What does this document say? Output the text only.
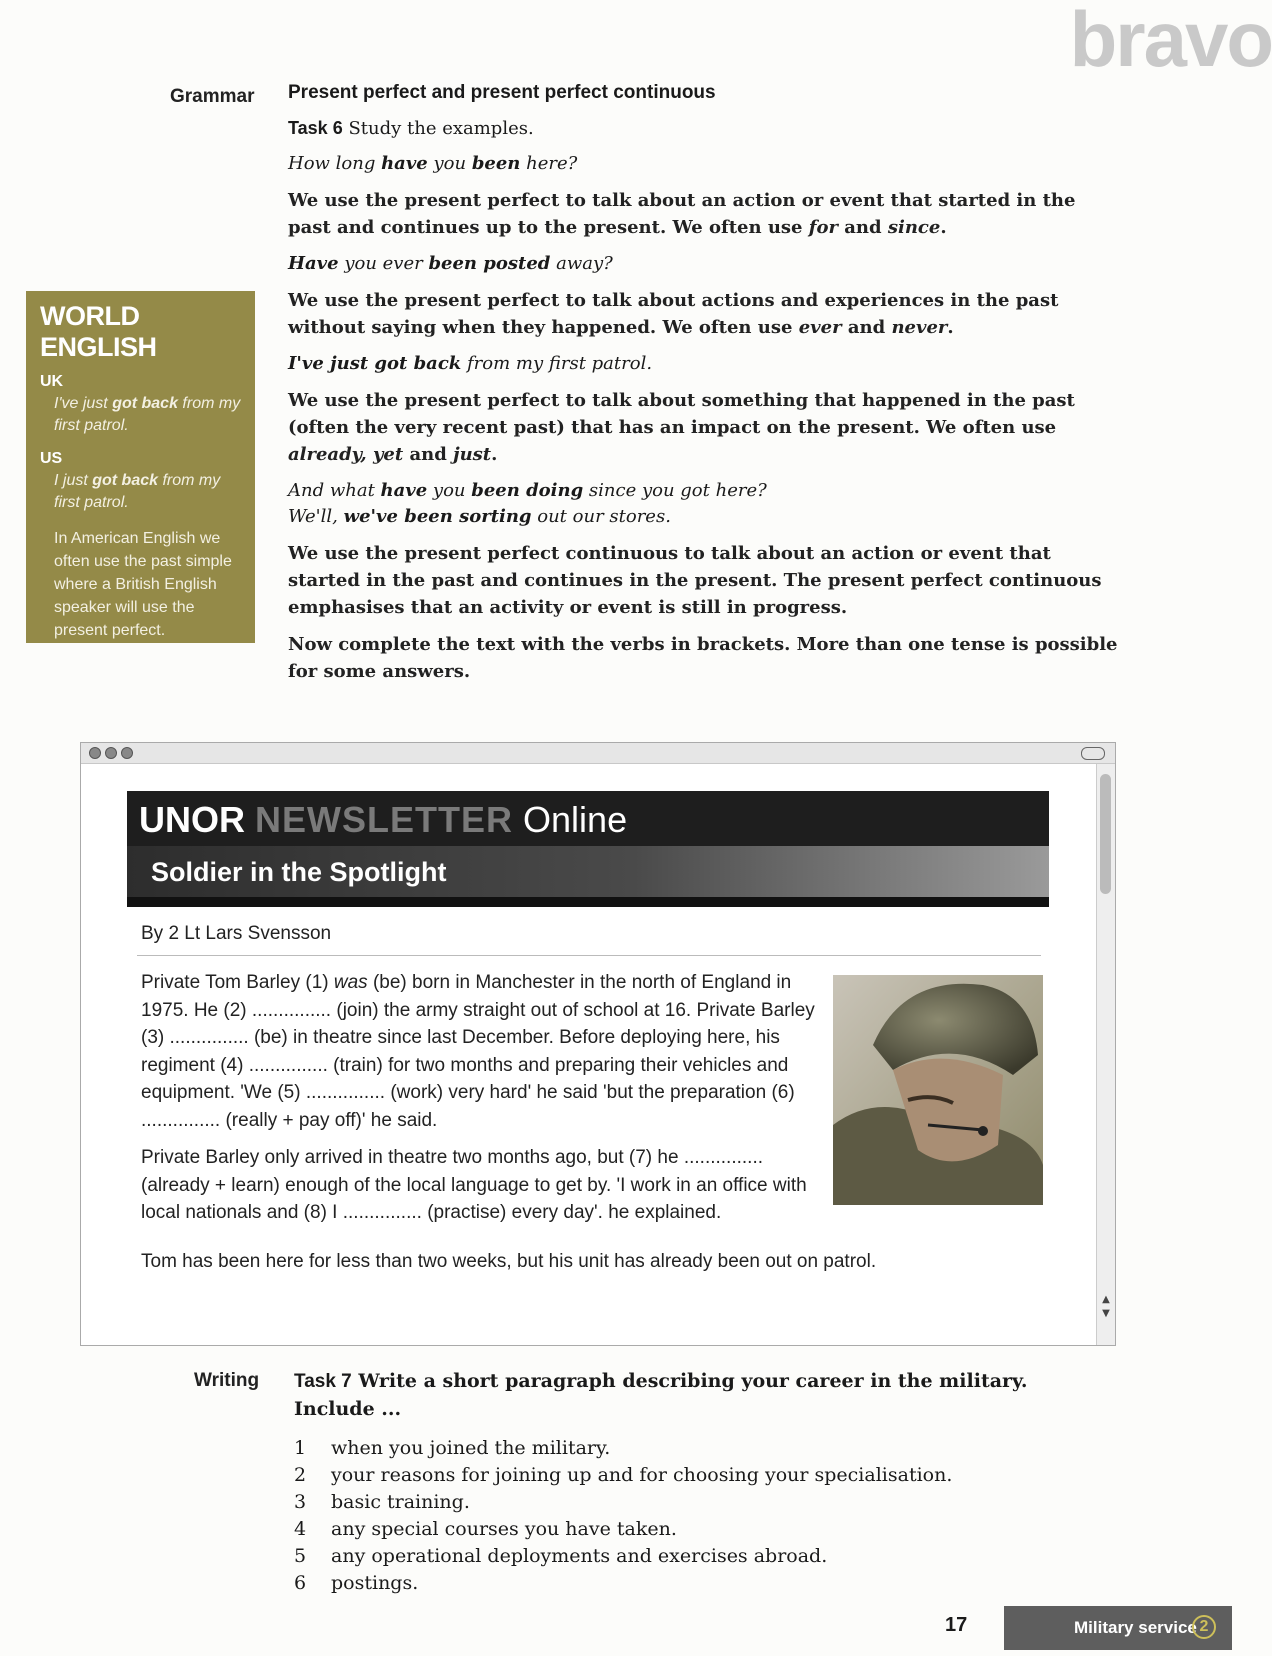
bravo
Grammar
WORLD ENGLISH
UK
I've just got back from my first patrol.
US
I just got back from my first patrol.
In American English we often use the past simple where a British English speaker will use the present perfect.
Present perfect and present perfect continuous
Task 6 Study the examples.
How long have you been here?
We use the present perfect to talk about an action or event that started in the past and continues up to the present. We often use for and since.
Have you ever been posted away?
We use the present perfect to talk about actions and experiences in the past without saying when they happened. We often use ever and never.
I've just got back from my first patrol.
We use the present perfect to talk about something that happened in the past (often the very recent past) that has an impact on the present. We often use already, yet and just.
And what have you been doing since you got here?
We'll, we've been sorting out our stores.
We use the present perfect continuous to talk about an action or event that started in the past and continues in the present. The present perfect continuous emphasises that an activity or event is still in progress.
Now complete the text with the verbs in brackets. More than one tense is possible for some answers.
▲
▼
UNOR NEWSLETTER Online
Soldier in the Spotlight
By 2 Lt Lars Svensson

Private Tom Barley (1) was (be) born in Manchester in the north of England in 1975. He (2) ............... (join) the army straight out of school at 16. Private Barley (3) ............... (be) in theatre since last December. Before deploying here, his regiment (4) ............... (train) for two months and preparing their vehicles and equipment. 'We (5) ............... (work) very hard' he said 'but the preparation (6) ............... (really + pay off)' he said.

Private Barley only arrived in theatre two months ago, but (7) he ............... (already + learn) enough of the local language to get by. 'I work in an office with local nationals and (8) I ............... (practise) every day'. he explained.

Tom has been here for less than two weeks, but his unit has already been out on patrol.
Writing Task 7 Write a short paragraph describing your career in the military. Include ...
1	when you joined the military.
2	your reasons for joining up and for choosing your specialisation.
3	basic training.
4	any special courses you have taken.
5	any operational deployments and exercises abroad.
6	postings.
17	Military service 2
